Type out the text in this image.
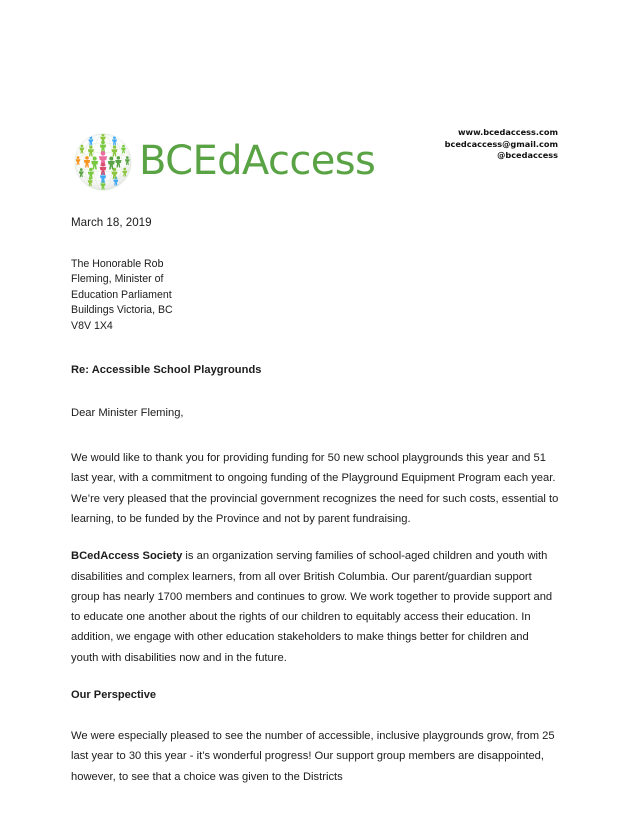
BCEdAccess
www.bcedaccess.com
bcedcaccess@gmail.com
@bcedaccess
March 18, 2019
The Honorable Rob
Fleming, Minister of
Education Parliament
Buildings Victoria, BC
V8V 1X4
Re: Accessible School Playgrounds
Dear Minister Fleming,

We would like to thank you for providing funding for 50 new school playgrounds this year and 51 last year, with a commitment to ongoing funding of the Playground Equipment Program each year. We’re very pleased that the provincial government recognizes the need for such costs, essential to learning, to be funded by the Province and not by parent fundraising.

BCedAccess Society is an organization serving families of school-aged children and youth with disabilities and complex learners, from all over British Columbia. Our parent/guardian support group has nearly 1700 members and continues to grow. We work together to provide support and to educate one another about the rights of our children to equitably access their education. In addition, we engage with other education stakeholders to make things better for children and youth with disabilities now and in the future.

Our Perspective

We were especially pleased to see the number of accessible, inclusive playgrounds grow, from 25 last year to 30 this year - it’s wonderful progress! Our support group members are disappointed, however, to see that a choice was given to the Districts
